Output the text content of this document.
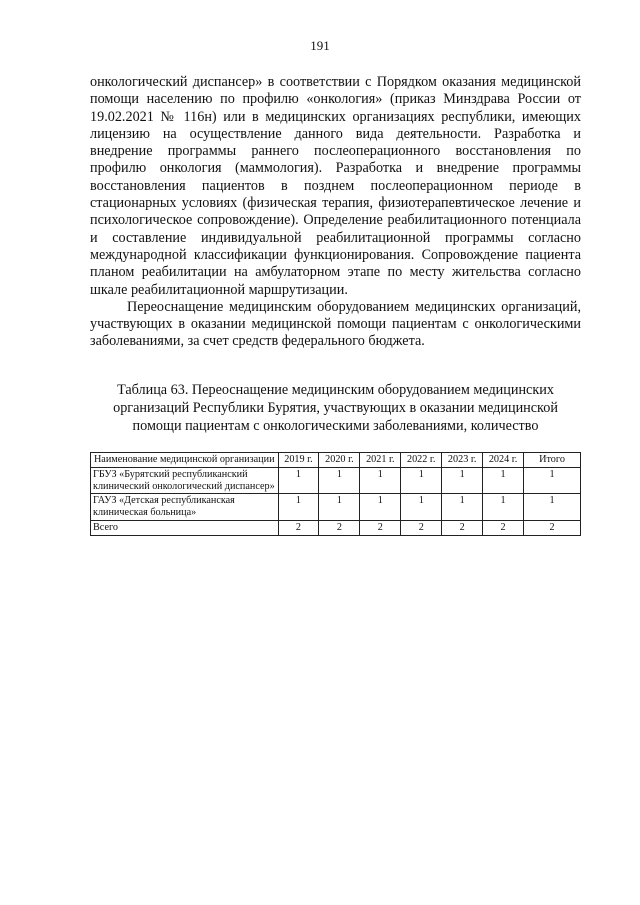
191

онкологический диспансер» в соответствии с Порядком оказания медицинской помощи населению по профилю «онкология» (приказ Минздрава России от 19.02.2021 № 116н) или в медицинских организациях республики, имеющих лицензию на осуществление данного вида деятельности. Разработка и внедрение программы раннего послеоперационного восстановления по профилю онкология (маммология). Разработка и внедрение программы восстановления пациентов в позднем послеоперационном периоде в стационарных условиях (физическая терапия, физиотерапевтическое лечение и психологическое сопровождение). Определение реабилитационного потенциала и составление индивидуальной реабилитационной программы согласно международной классификации функционирования. Сопровождение пациента планом реабилитации на амбулаторном этапе по месту жительства согласно шкале реабилитационной маршрутизации.

Переоснащение медицинским оборудованием медицинских организаций, участвующих в оказании медицинской помощи пациентам с онкологическими заболеваниями, за счет средств федерального бюджета.

Таблица 63. Переоснащение медицинским оборудованием медицинских организаций Республики Бурятия, участвующих в оказании медицинской помощи пациентам с онкологическими заболеваниями, количество
Наименование медицинской организации	2019 г.	2020 г.	2021 г.	2022 г.	2023 г.	2024 г.	Итого
ГБУЗ «Бурятский республиканский клинический онкологический диспансер»	1	1	1	1	1	1	1
ГАУЗ «Детская республиканская клиническая больница»	1	1	1	1	1	1	1
Всего	2	2	2	2	2	2	2
